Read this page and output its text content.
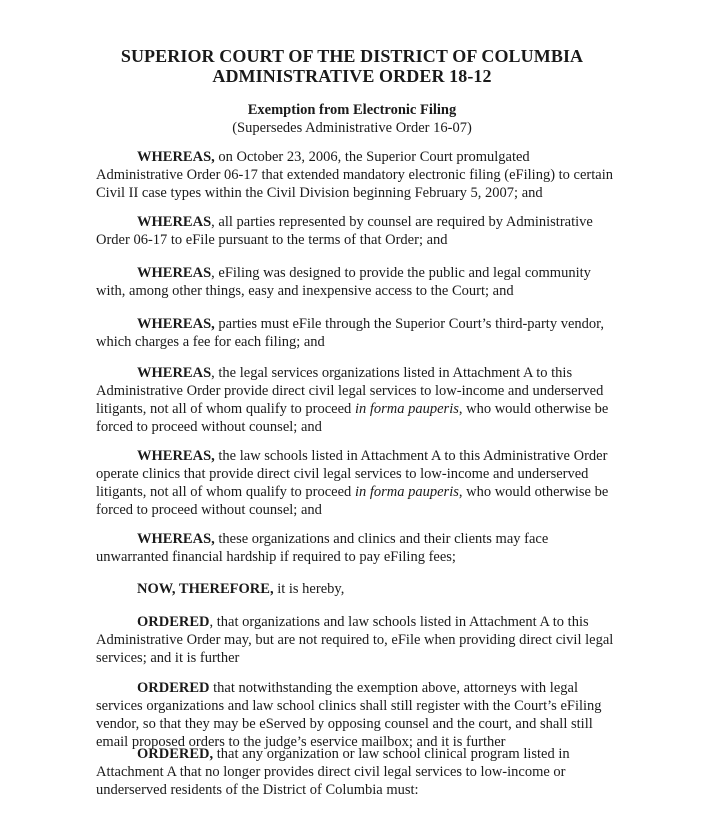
SUPERIOR COURT OF THE DISTRICT OF COLUMBIA
ADMINISTRATIVE ORDER 18-12
Exemption from Electronic Filing
(Supersedes Administrative Order 16-07)

WHEREAS, on October 23, 2006, the Superior Court promulgated
Administrative Order 06-17 that extended mandatory electronic filing (eFiling) to certain
Civil II case types within the Civil Division beginning February 5, 2007; and

WHEREAS, all parties represented by counsel are required by Administrative
Order 06-17 to eFile pursuant to the terms of that Order; and

WHEREAS, eFiling was designed to provide the public and legal community
with, among other things, easy and inexpensive access to the Court; and

WHEREAS, parties must eFile through the Superior Court’s third-party vendor,
which charges a fee for each filing; and

WHEREAS, the legal services organizations listed in Attachment A to this
Administrative Order provide direct civil legal services to low-income and underserved
litigants, not all of whom qualify to proceed in forma pauperis, who would otherwise be
forced to proceed without counsel; and

WHEREAS, the law schools listed in Attachment A to this Administrative Order
operate clinics that provide direct civil legal services to low-income and underserved
litigants, not all of whom qualify to proceed in forma pauperis, who would otherwise be
forced to proceed without counsel; and

WHEREAS, these organizations and clinics and their clients may face
unwarranted financial hardship if required to pay eFiling fees;

NOW, THEREFORE, it is hereby,

ORDERED, that organizations and law schools listed in Attachment A to this
Administrative Order may, but are not required to, eFile when providing direct civil legal
services; and it is further

ORDERED that notwithstanding the exemption above, attorneys with legal
services organizations and law school clinics shall still register with the Court’s eFiling
vendor, so that they may be eServed by opposing counsel and the court, and shall still
email proposed orders to the judge’s eservice mailbox; and it is further

ORDERED, that any organization or law school clinical program listed in
Attachment A that no longer provides direct civil legal services to low-income or
underserved residents of the District of Columbia must:
